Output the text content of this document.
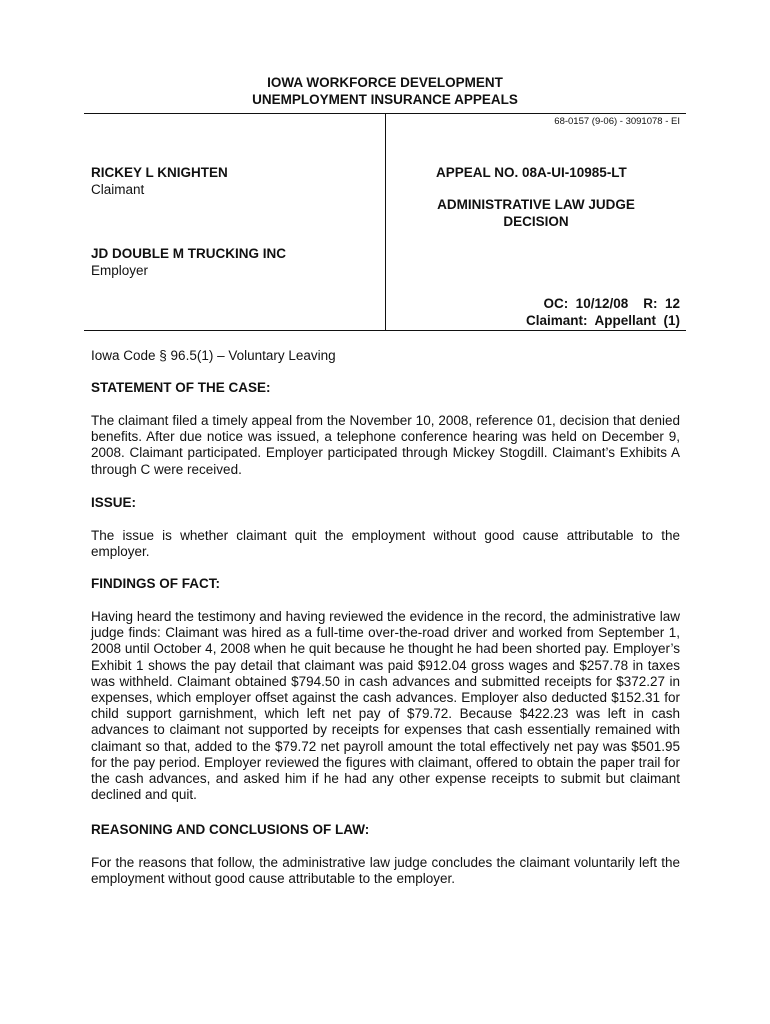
IOWA WORKFORCE DEVELOPMENT
UNEMPLOYMENT INSURANCE APPEALS
68-0157 (9-06) - 3091078 - EI
RICKEY L KNIGHTEN
Claimant
JD DOUBLE M TRUCKING INC
Employer
APPEAL NO. 08A-UI-10985-LT
ADMINISTRATIVE LAW JUDGE
DECISION
OC:  10/12/08    R:  12
Claimant:  Appellant  (1)
Iowa Code § 96.5(1) – Voluntary Leaving
STATEMENT OF THE CASE:
The claimant filed a timely appeal from the November 10, 2008, reference 01, decision that denied benefits. After due notice was issued, a telephone conference hearing was held on December 9, 2008. Claimant participated. Employer participated through Mickey Stogdill. Claimant’s Exhibits A through C were received.
ISSUE:
The issue is whether claimant quit the employment without good cause attributable to the employer.
FINDINGS OF FACT:
Having heard the testimony and having reviewed the evidence in the record, the administrative law judge finds: Claimant was hired as a full-time over-the-road driver and worked from September 1, 2008 until October 4, 2008 when he quit because he thought he had been shorted pay. Employer’s Exhibit 1 shows the pay detail that claimant was paid $912.04 gross wages and $257.78 in taxes was withheld. Claimant obtained $794.50 in cash advances and submitted receipts for $372.27 in expenses, which employer offset against the cash advances. Employer also deducted $152.31 for child support garnishment, which left net pay of $79.72. Because $422.23 was left in cash advances to claimant not supported by receipts for expenses that cash essentially remained with claimant so that, added to the $79.72 net payroll amount the total effectively net pay was $501.95 for the pay period. Employer reviewed the figures with claimant, offered to obtain the paper trail for the cash advances, and asked him if he had any other expense receipts to submit but claimant declined and quit.
REASONING AND CONCLUSIONS OF LAW:
For the reasons that follow, the administrative law judge concludes the claimant voluntarily left the employment without good cause attributable to the employer.
